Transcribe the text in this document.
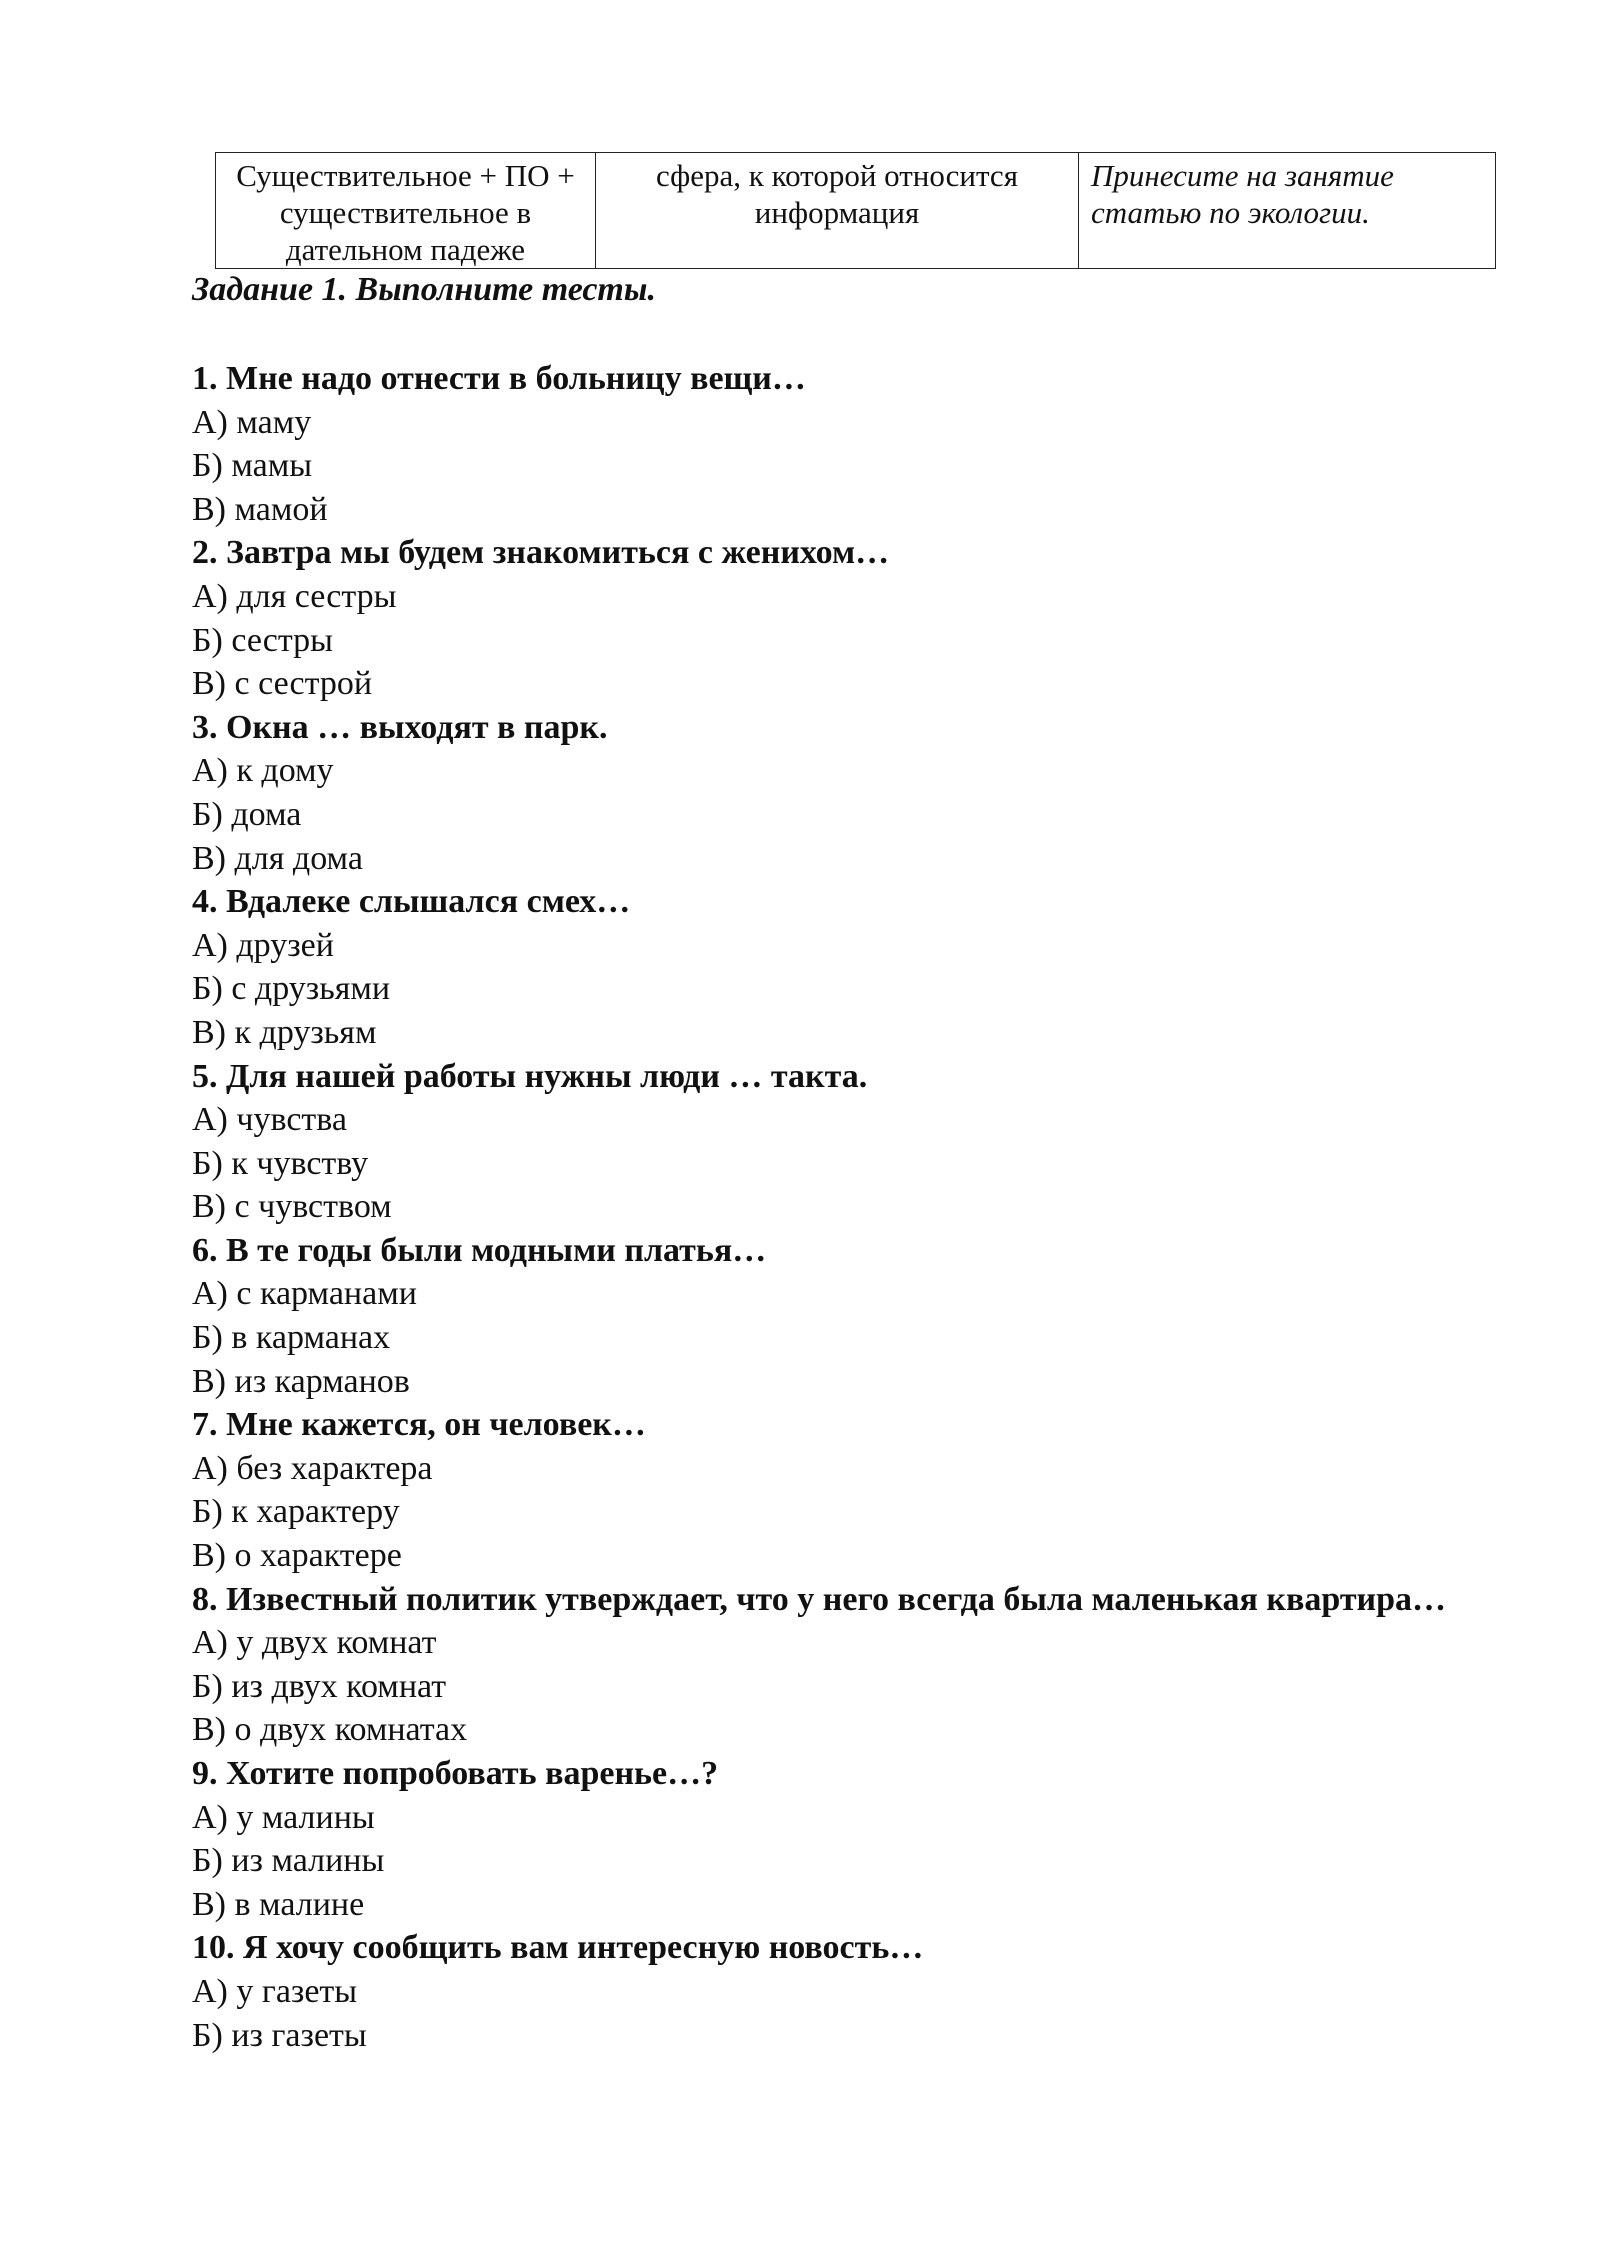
Существительное + ПО + существительное в дательном падеже	сфера, к которой относится информация	Принесите на занятие статью по экологии.
Задание 1. Выполните тесты.
1. Мне надо отнести в больницу вещи…
А) маму
Б) мамы
В) мамой
2. Завтра мы будем знакомиться с женихом…
А) для сестры
Б) сестры
В) с сестрой
3. Окна … выходят в парк.
А) к дому
Б) дома
В) для дома
4. Вдалеке слышался смех…
А) друзей
Б) с друзьями
В) к друзьям
5. Для нашей работы нужны люди … такта.
А) чувства
Б) к чувству
В) с чувством
6. В те годы были модными платья…
А) с карманами
Б) в карманах
В) из карманов
7. Мне кажется, он человек…
А) без характера
Б) к характеру
В) о характере
8. Известный политик утверждает, что у него всегда была маленькая квартира…
А) у двух комнат
Б) из двух комнат
В) о двух комнатах
9. Хотите попробовать варенье…?
А) у малины
Б) из малины
В) в малине
10. Я хочу сообщить вам интересную новость…
А) у газеты
Б) из газеты
